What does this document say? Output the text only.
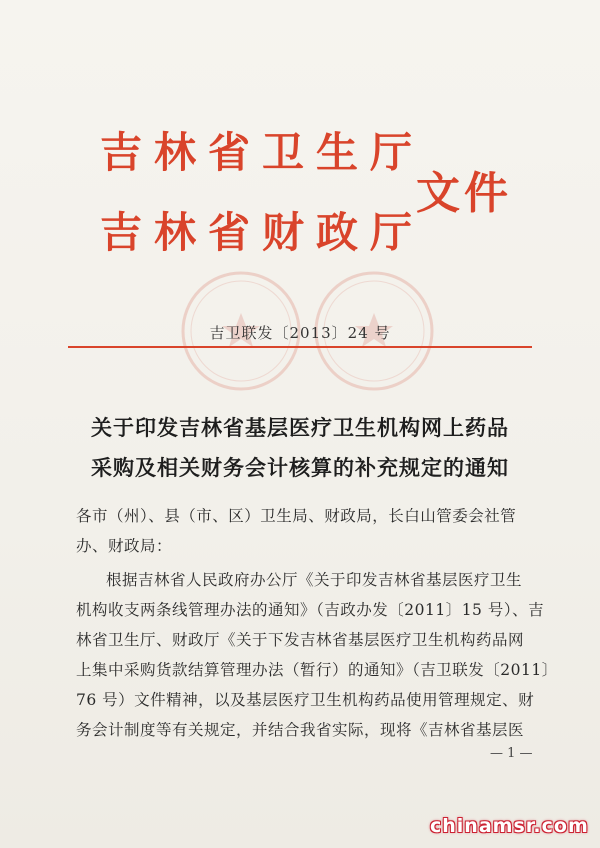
吉林省卫生厅
吉林省财政厅
文件
吉卫联发〔2013〕24 号
关于印发吉林省基层医疗卫生机构网上药品
采购及相关财务会计核算的补充规定的通知
各市（州）、县（市、区）卫生局、财政局，长白山管委会社管
办、财政局：
根据吉林省人民政府办公厅《关于印发吉林省基层医疗卫生
机构收支两条线管理办法的通知》（吉政办发〔2011〕15 号）、吉
林省卫生厅、财政厅《关于下发吉林省基层医疗卫生机构药品网
上集中采购货款结算管理办法（暂行）的通知》（吉卫联发〔2011〕
76 号）文件精神，以及基层医疗卫生机构药品使用管理规定、财
务会计制度等有关规定，并结合我省实际，现将《吉林省基层医
— 1 —
chinamsr.com
